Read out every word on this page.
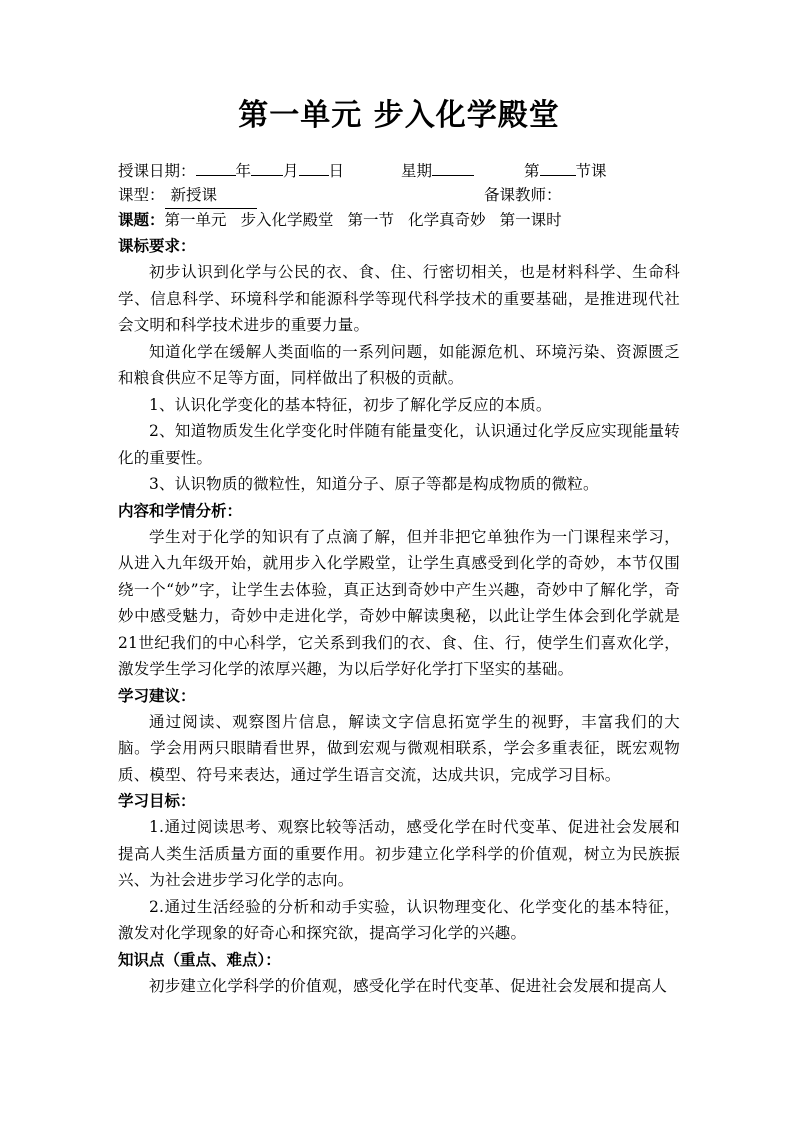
第一单元 步入化学殿堂
授课日期：	年 月 日	星期	第 节课
课型： 新授课	备课教师：
课题：第一单元 步入化学殿堂 第一节 化学真奇妙 第一课时
课标要求：

初步认识到化学与公民的衣、食、住、行密切相关，也是材料科学、生命科学、信息科学、环境科学和能源科学等现代科学技术的重要基础，是推进现代社会文明和科学技术进步的重要力量。

知道化学在缓解人类面临的一系列问题，如能源危机、环境污染、资源匮乏和粮食供应不足等方面，同样做出了积极的贡献。

1、认识化学变化的基本特征，初步了解化学反应的本质。

2、知道物质发生化学变化时伴随有能量变化，认识通过化学反应实现能量转化的重要性。

3、认识物质的微粒性，知道分子、原子等都是构成物质的微粒。

内容和学情分析：

学生对于化学的知识有了点滴了解，但并非把它单独作为一门课程来学习，从进入九年级开始，就用步入化学殿堂，让学生真感受到化学的奇妙，本节仅围绕一个“妙”字，让学生去体验，真正达到奇妙中产生兴趣，奇妙中了解化学，奇妙中感受魅力，奇妙中走进化学，奇妙中解读奥秘，以此让学生体会到化学就是21世纪我们的中心科学，它关系到我们的衣、食、住、行，使学生们喜欢化学，激发学生学习化学的浓厚兴趣，为以后学好化学打下坚实的基础。

学习建议：

通过阅读、观察图片信息，解读文字信息拓宽学生的视野，丰富我们的大脑。学会用两只眼睛看世界，做到宏观与微观相联系，学会多重表征，既宏观物质、模型、符号来表达，通过学生语言交流，达成共识，完成学习目标。

学习目标：

1.通过阅读思考、观察比较等活动，感受化学在时代变革、促进社会发展和提高人类生活质量方面的重要作用。初步建立化学科学的价值观，树立为民族振兴、为社会进步学习化学的志向。

2.通过生活经验的分析和动手实验，认识物理变化、化学变化的基本特征，激发对化学现象的好奇心和探究欲，提高学习化学的兴趣。

知识点（重点、难点）：

初步建立化学科学的价值观，感受化学在时代变革、促进社会发展和提高人
